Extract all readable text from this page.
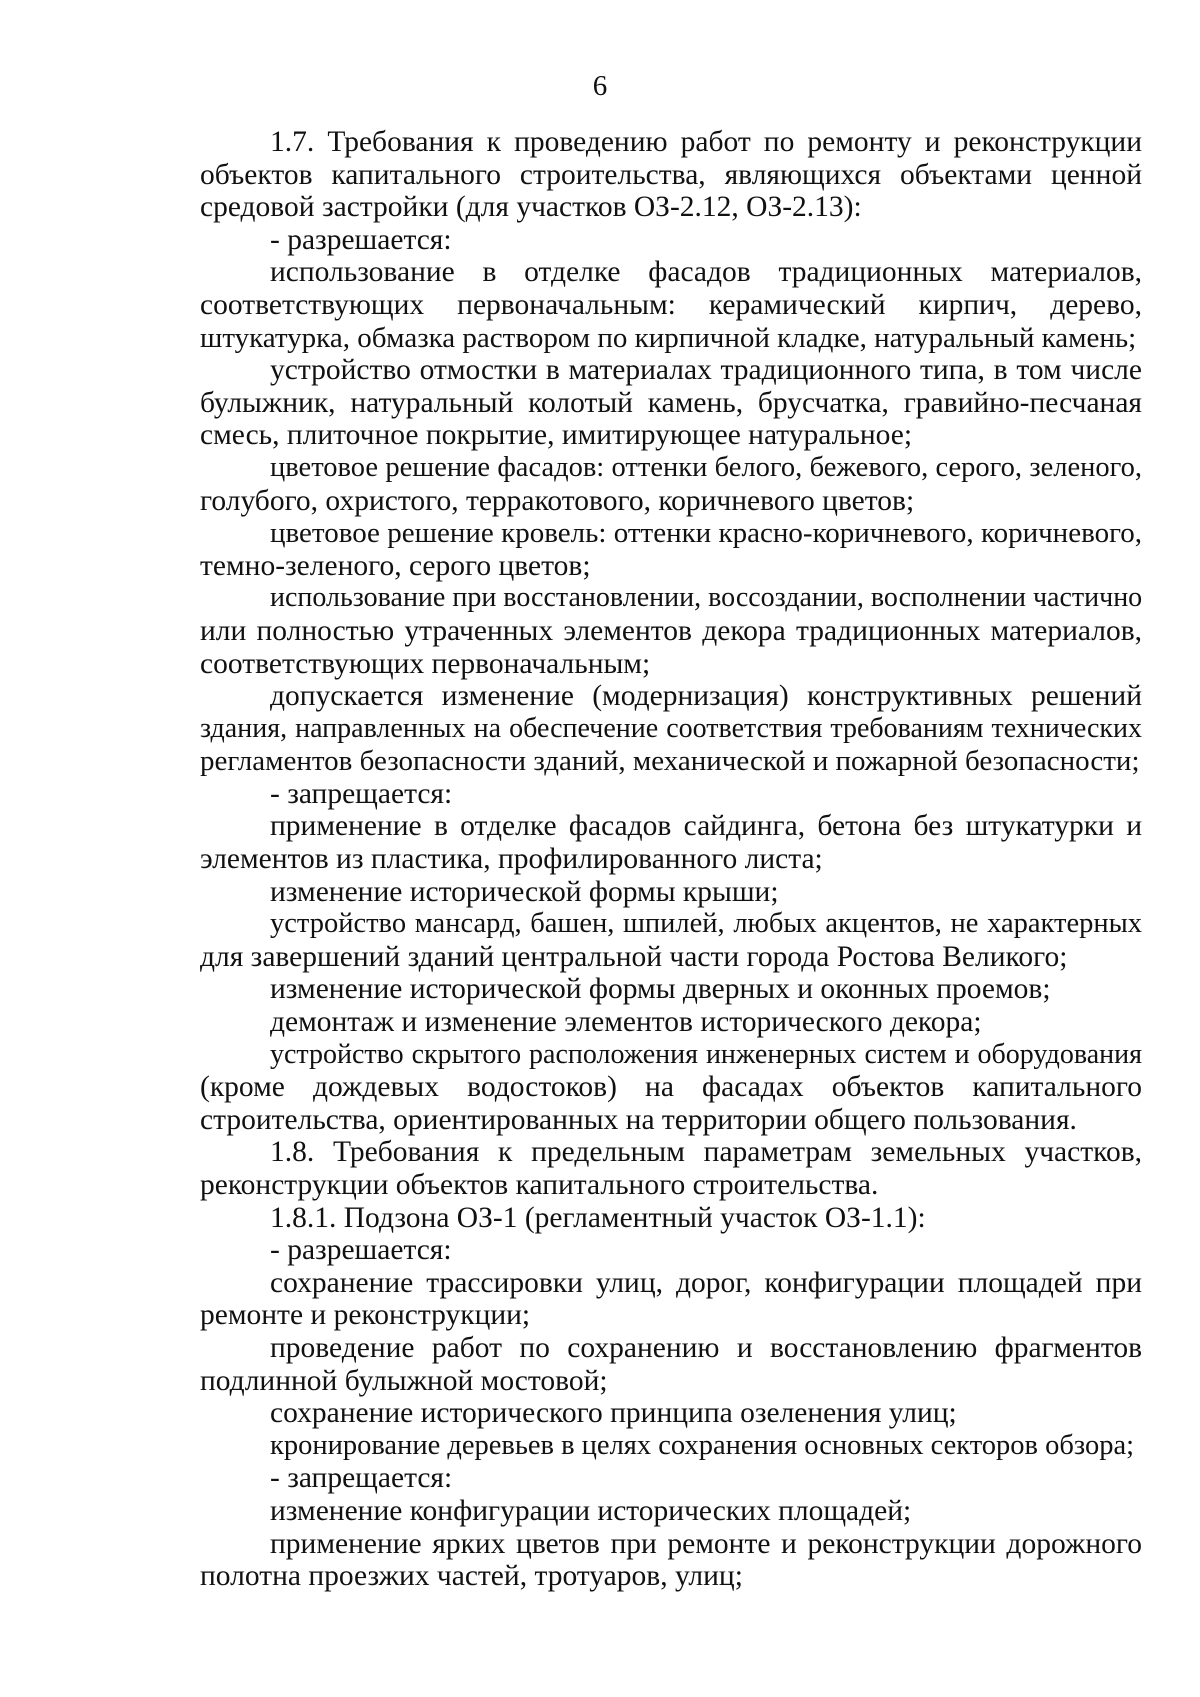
6
1.7. Требования к проведению работ по ремонту и реконструкции
объектов капитального строительства, являющихся объектами ценной
средовой застройки (для участков ОЗ-2.12, ОЗ-2.13):
- разрешается:
использование в отделке фасадов традиционных материалов,
соответствующих первоначальным: керамический кирпич, дерево,
штукатурка, обмазка раствором по кирпичной кладке, натуральный камень;
устройство отмостки в материалах традиционного типа, в том числе
булыжник, натуральный колотый камень, брусчатка, гравийно-песчаная
смесь, плиточное покрытие, имитирующее натуральное;
цветовое решение фасадов: оттенки белого, бежевого, серого, зеленого,
голубого, охристого, терракотового, коричневого цветов;
цветовое решение кровель: оттенки красно-коричневого, коричневого,
темно-зеленого, серого цветов;
использование при восстановлении, воссоздании, восполнении частично
или полностью утраченных элементов декора традиционных материалов,
соответствующих первоначальным;
допускается изменение (модернизация) конструктивных решений
здания, направленных на обеспечение соответствия требованиям технических
регламентов безопасности зданий, механической и пожарной безопасности;
- запрещается:
применение в отделке фасадов сайдинга, бетона без штукатурки и
элементов из пластика, профилированного листа;
изменение исторической формы крыши;
устройство мансард, башен, шпилей, любых акцентов, не характерных
для завершений зданий центральной части города Ростова Великого;
изменение исторической формы дверных и оконных проемов;
демонтаж и изменение элементов исторического декора;
устройство скрытого расположения инженерных систем и оборудования
(кроме дождевых водостоков) на фасадах объектов капитального
строительства, ориентированных на территории общего пользования.
1.8. Требования к предельным параметрам земельных участков,
реконструкции объектов капитального строительства.
1.8.1. Подзона ОЗ-1 (регламентный участок ОЗ-1.1):
- разрешается:
сохранение трассировки улиц, дорог, конфигурации площадей при
ремонте и реконструкции;
проведение работ по сохранению и восстановлению фрагментов
подлинной булыжной мостовой;
сохранение исторического принципа озеленения улиц;
кронирование деревьев в целях сохранения основных секторов обзора;
- запрещается:
изменение конфигурации исторических площадей;
применение ярких цветов при ремонте и реконструкции дорожного
полотна проезжих частей, тротуаров, улиц;
